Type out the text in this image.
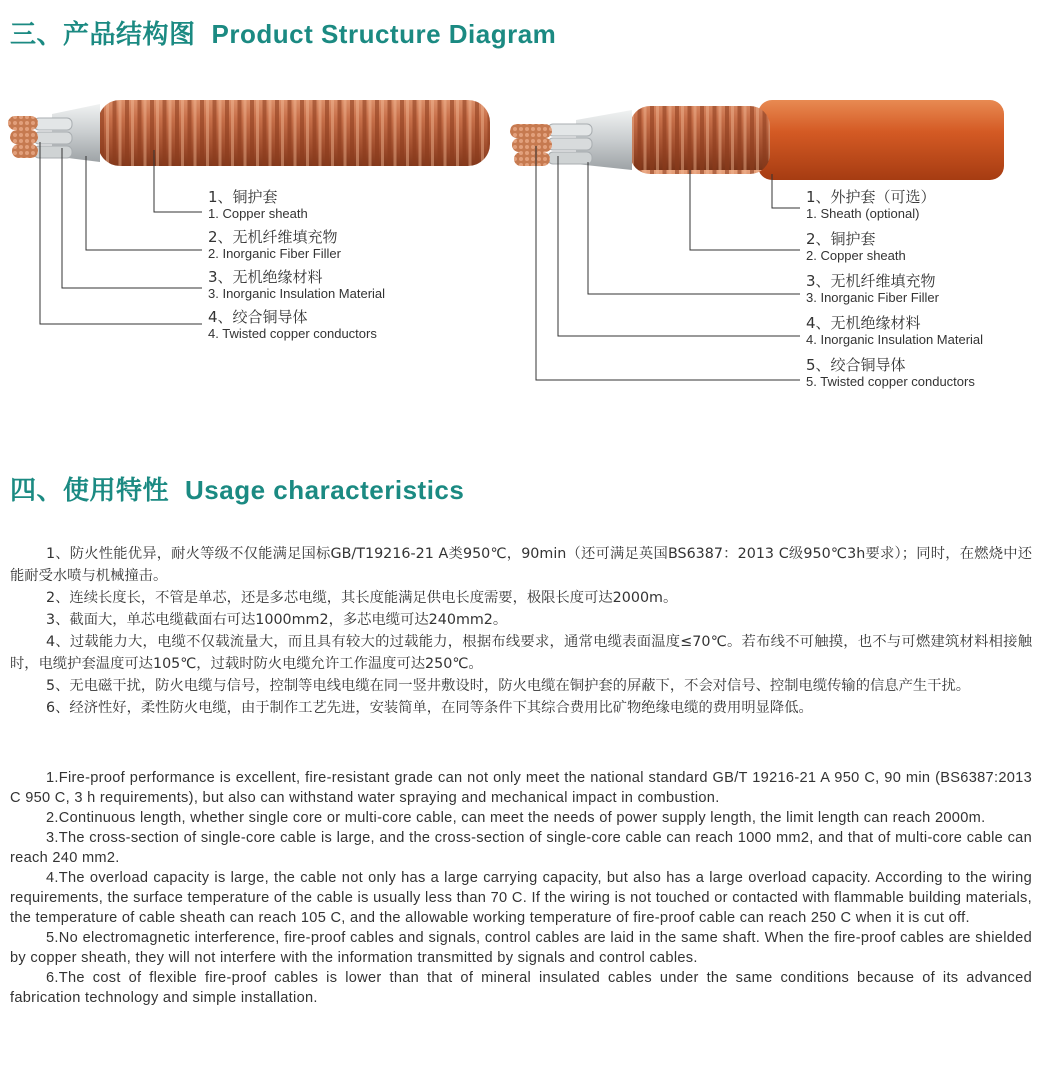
三、产品结构图 Product Structure Diagram
1、铜护套
1. Copper sheath
2、无机纤维填充物
2. Inorganic Fiber Filler
3、无机绝缘材料
3. Inorganic Insulation Material
4、绞合铜导体
4. Twisted copper conductors
1、外护套（可选）
1. Sheath (optional)
2、铜护套
2. Copper sheath
3、无机纤维填充物
3. Inorganic Fiber Filler
4、无机绝缘材料
4. Inorganic Insulation Material
5、绞合铜导体
5. Twisted copper conductors
四、使用特性 Usage characteristics

1、防火性能优异，耐火等级不仅能满足国标GB/T19216-21 A类950℃，90min（还可满足英国BS6387：2013 C级950℃3h要求）；同时，在燃烧中还能耐受水喷与机械撞击。

2、连续长度长，不管是单芯，还是多芯电缆，其长度能满足供电长度需要，极限长度可达2000m。

3、截面大，单芯电缆截面右可达1000mm2，多芯电缆可达240mm2。

4、过载能力大，电缆不仅载流量大，而且具有较大的过载能力，根据布线要求，通常电缆表面温度≤70℃。若布线不可触摸，也不与可燃建筑材料相接触时，电缆护套温度可达105℃，过载时防火电缆允许工作温度可达250℃。

5、无电磁干扰，防火电缆与信号，控制等电线电缆在同一竖井敷设时，防火电缆在铜护套的屏蔽下，不会对信号、控制电缆传输的信息产生干扰。

6、经济性好，柔性防火电缆，由于制作工艺先进，安装简单，在同等条件下其综合费用比矿物绝缘电缆的费用明显降低。

1.Fire-proof performance is excellent, fire-resistant grade can not only meet the national standard GB/T 19216-21 A 950 C, 90 min (BS6387:2013 C 950 C, 3 h requirements), but also can withstand water spraying and mechanical impact in combustion.

2.Continuous length, whether single core or multi-core cable, can meet the needs of power supply length, the limit length can reach 2000m.

3.The cross-section of single-core cable is large, and the cross-section of single-core cable can reach 1000 mm2, and that of multi-core cable can reach 240 mm2.

4.The overload capacity is large, the cable not only has a large carrying capacity, but also has a large overload capacity. According to the wiring requirements, the surface temperature of the cable is usually less than 70 C. If the wiring is not touched or contacted with flammable building materials, the temperature of cable sheath can reach 105 C, and the allowable working temperature of fire-proof cable can reach 250 C when it is cut off.

5.No electromagnetic interference, fire-proof cables and signals, control cables are laid in the same shaft. When the fire-proof cables are shielded by copper sheath, they will not interfere with the information transmitted by signals and control cables.

6.The cost of flexible fire-proof cables is lower than that of mineral insulated cables under the same conditions because of its advanced fabrication technology and simple installation.
